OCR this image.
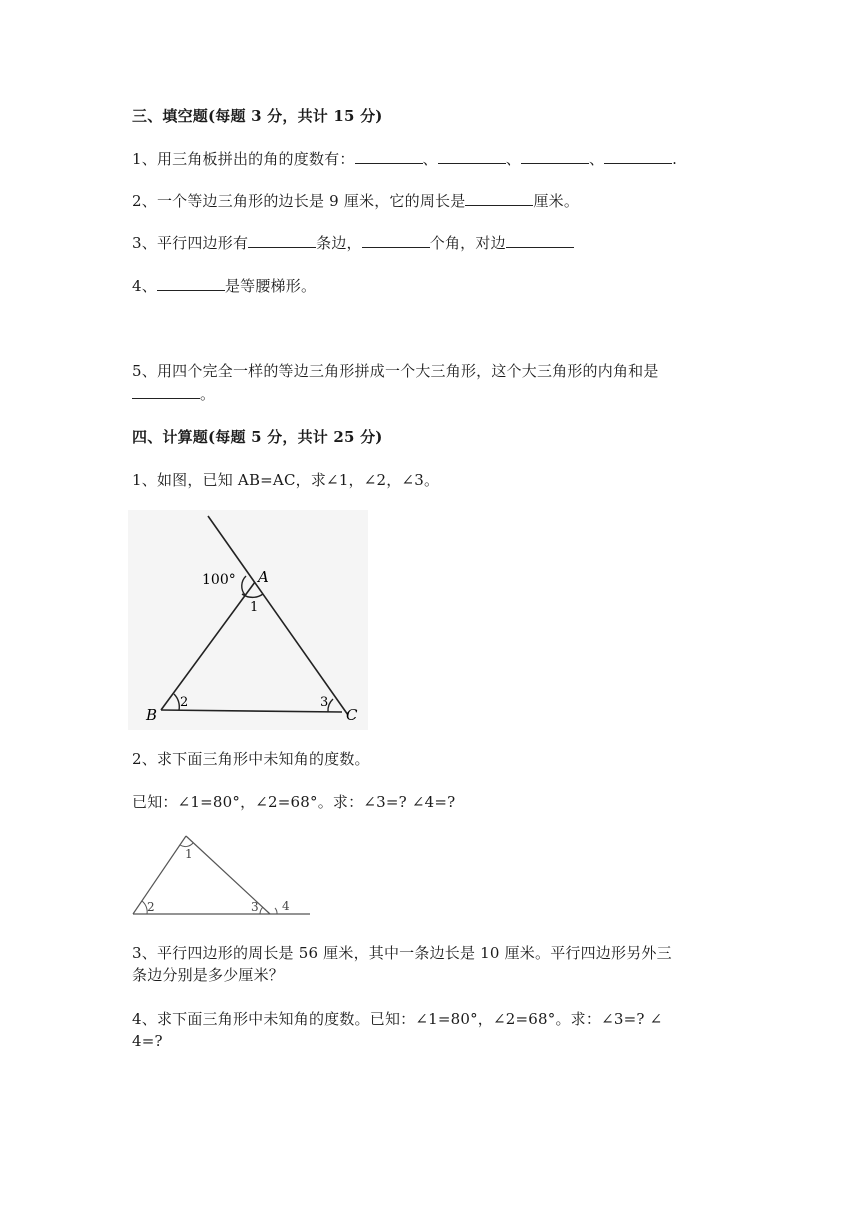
三、填空题(每题 3 分，共计 15 分)
1、用三角板拼出的角的度数有：	、	、	、	.
2、一个等边三角形的边长是 9 厘米，它的周长是	厘米。
3、平行四边形有	条边，	个角，对边
4、	是等腰梯形。
5、用四个完全一样的等边三角形拼成一个大三角形，这个大三角形的内角和是
。
四、计算题(每题 5 分，共计 25 分)
1、如图，已知 AB=AC，求∠1，∠2，∠3。
100° A
1
2	3
B	C
2、求下面三角形中未知角的度数。
已知：∠1=80°，∠2=68°。求：∠3=? ∠4=?
1
2	3 4
3、平行四边形的周长是 56 厘米，其中一条边长是 10 厘米。平行四边形另外三
条边分别是多少厘米？
4、求下面三角形中未知角的度数。已知：∠1=80°，∠2=68°。求：∠3=? ∠
4=?
